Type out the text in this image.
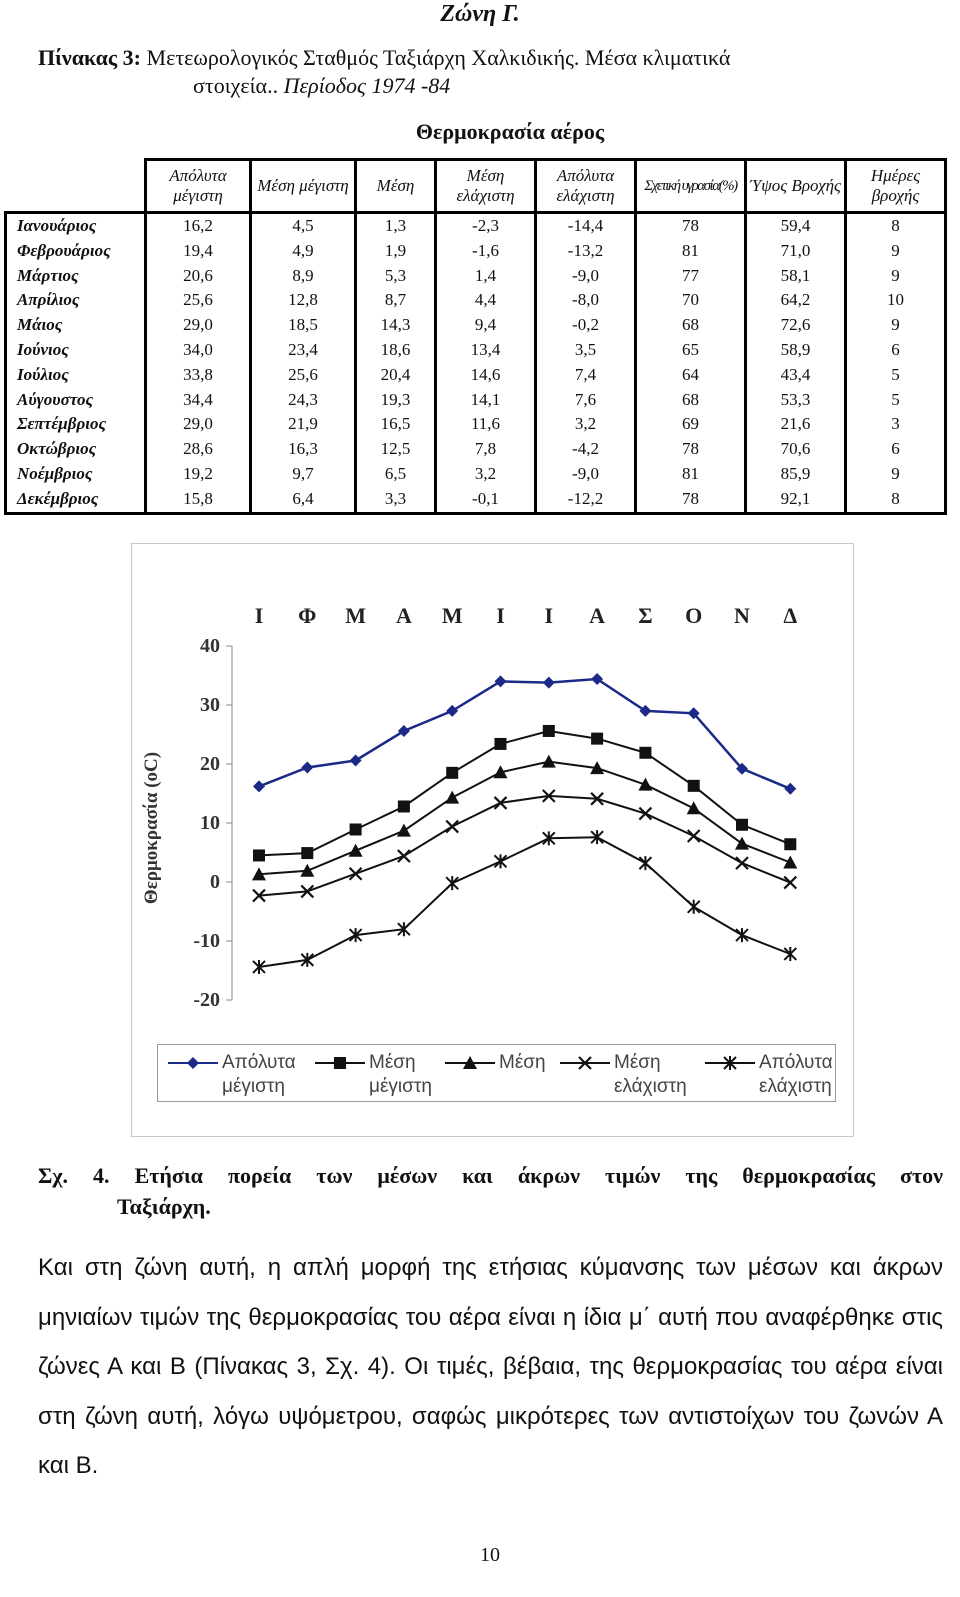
Ζώνη Γ.
Πίνακας 3: Μετεωρολογικός Σταθμός Ταξιάρχη Χαλκιδικής. Μέσα κλιματικά
στοιχεία.. Περίοδος 1974 -84
Θερμοκρασία αέρος
	Απόλυτα μέγιστη	Μέση μέγιστη	Μέση	Μέση ελάχιστη	Απόλυτα ελάχιστη	Σχετική υγρασία(%)	Ύψος Βροχής	Ημέρες βροχής
Ιανουάριος	16,2	4,5	1,3	-2,3	-14,4	78	59,4	8
Φεβρουάριος	19,4	4,9	1,9	-1,6	-13,2	81	71,0	9
Μάρτιος	20,6	8,9	5,3	1,4	-9,0	77	58,1	9
Απρίλιος	25,6	12,8	8,7	4,4	-8,0	70	64,2	10
Μάιος	29,0	18,5	14,3	9,4	-0,2	68	72,6	9
Ιούνιος	34,0	23,4	18,6	13,4	3,5	65	58,9	6
Ιούλιος	33,8	25,6	20,4	14,6	7,4	64	43,4	5
Αύγουστος	34,4	24,3	19,3	14,1	7,6	68	53,3	5
Σεπτέμβριος	29,0	21,9	16,5	11,6	3,2	69	21,6	3
Οκτώβριος	28,6	16,3	12,5	7,8	-4,2	78	70,6	6
Νοέμβριος	19,2	9,7	6,5	3,2	-9,0	81	85,9	9
Δεκέμβριος	15,8	6,4	3,3	-0,1	-12,2	78	92,1	8
40
30
20
10
0
-10
-20
Θερμοκρασία (oC)
Ι Φ Μ Α Μ Ι Ι Α Σ Ο Ν Δ
Απόλυτα
μέγιστη
Μέση
μέγιστη
Μέση	Μέση
ελάχιστη
Απόλυτα
ελάχιστη
Σχ. 4. Ετήσια πορεία των μέσων και άκρων τιμών της θερμοκρασίας στον
Ταξιάρχη.
Και στη ζώνη αυτή, η απλή μορφή της ετήσιας κύμανσης των μέσων και άκρων μηνιαίων τιμών της θερμοκρασίας του αέρα είναι η ίδια μ΄ αυτή που αναφέρθηκε στις ζώνες Α και Β (Πίνακας 3, Σχ. 4). Οι τιμές, βέβαια, της θερμοκρασίας του αέρα είναι στη ζώνη αυτή, λόγω υψόμετρου, σαφώς μικρότερες των αντιστοίχων του ζωνών Α και Β.
10
